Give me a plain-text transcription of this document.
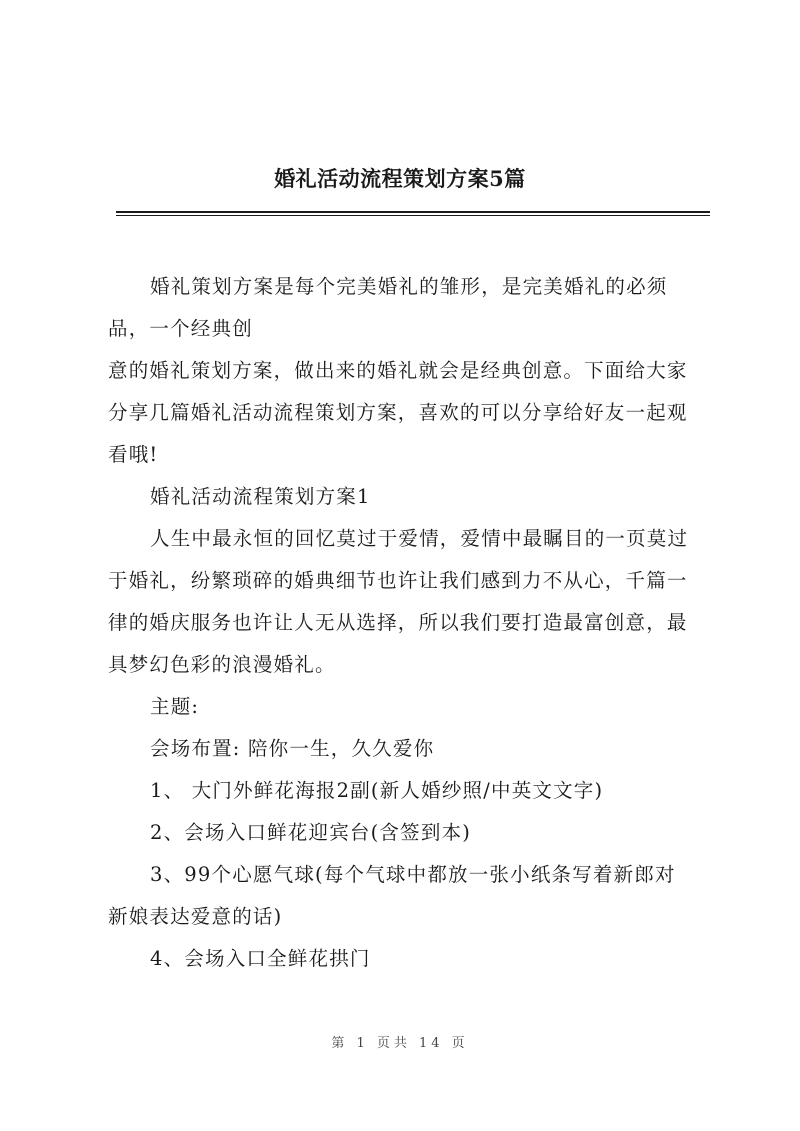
婚礼活动流程策划方案5篇
婚礼策划方案是每个完美婚礼的雏形，是完美婚礼的必须
品，一个经典创
意的婚礼策划方案，做出来的婚礼就会是经典创意。下面给大家
分享几篇婚礼活动流程策划方案，喜欢的可以分享给好友一起观
看哦!
婚礼活动流程策划方案1
人生中最永恒的回忆莫过于爱情，爱情中最瞩目的一页莫过
于婚礼，纷繁琐碎的婚典细节也许让我们感到力不从心，千篇一
律的婚庆服务也许让人无从选择，所以我们要打造最富创意，最
具梦幻色彩的浪漫婚礼。
主题:
会场布置: 陪你一生，久久爱你
1、 大门外鲜花海报2副(新人婚纱照/中英文文字)
2、会场入口鲜花迎宾台(含签到本)
3、99个心愿气球(每个气球中都放一张小纸条写着新郎对
新娘表达爱意的话)
4、会场入口全鲜花拱门
第 1 页共 14 页
